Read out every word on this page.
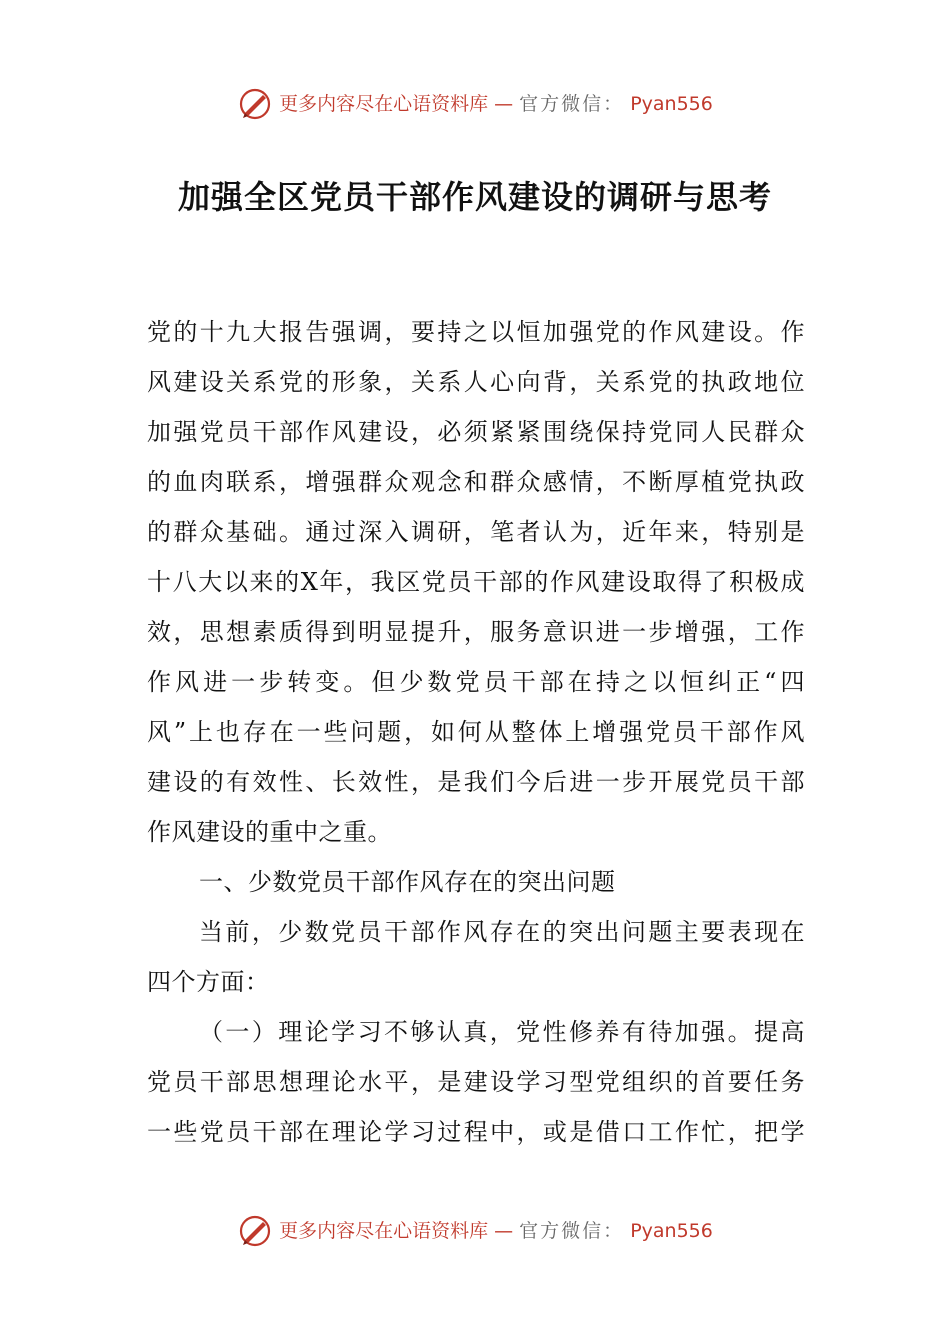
更多内容尽在心语资料库 — 官方微信： Pyan556
加强全区党员干部作风建设的调研与思考
党的十九大报告强调，要持之以恒加强党的作风建设。作
风建设关系党的形象，关系人心向背，关系党的执政地位
加强党员干部作风建设，必须紧紧围绕保持党同人民群众
的血肉联系，增强群众观念和群众感情，不断厚植党执政
的群众基础。通过深入调研，笔者认为，近年来，特别是
十八大以来的X年，我区党员干部的作风建设取得了积极成
效，思想素质得到明显提升，服务意识进一步增强，工作
作风进一步转变。但少数党员干部在持之以恒纠正“四
风”上也存在一些问题，如何从整体上增强党员干部作风
建设的有效性、长效性，是我们今后进一步开展党员干部
作风建设的重中之重。
一、少数党员干部作风存在的突出问题
当前，少数党员干部作风存在的突出问题主要表现在
四个方面：
（一）理论学习不够认真，党性修养有待加强。提高
党员干部思想理论水平，是建设学习型党组织的首要任务
一些党员干部在理论学习过程中，或是借口工作忙，把学
更多内容尽在心语资料库 — 官方微信： Pyan556
